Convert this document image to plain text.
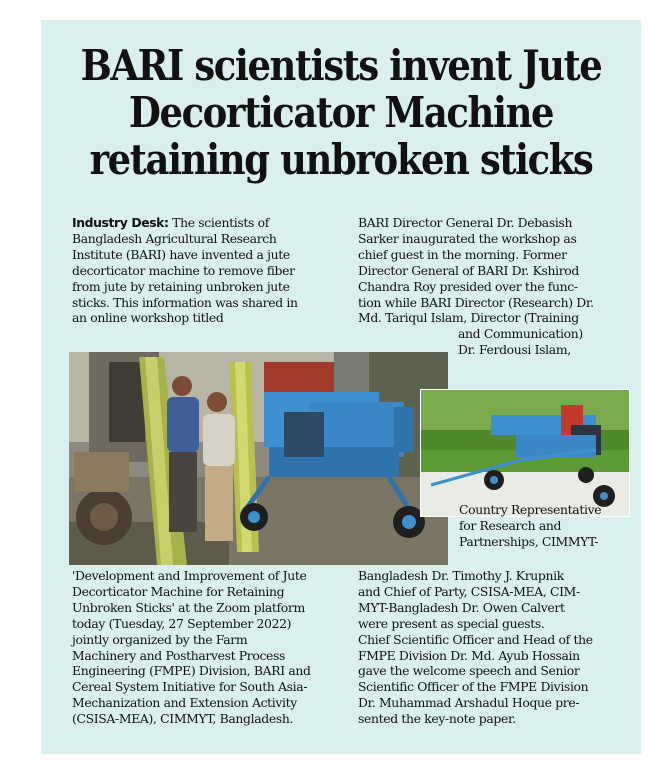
BARI scientists invent Jute
Decorticator Machine
retaining unbroken sticks
Industry Desk: The scientists of
Bangladesh Agricultural Research
Institute (BARI) have invented a jute
decorticator machine to remove fiber
from jute by retaining unbroken jute
sticks. This information was shared in
an online workshop titled
BARI Director General Dr. Debasish
Sarker inaugurated the workshop as
chief guest in the morning. Former
Director General of BARI Dr. Kshirod
Chandra Roy presided over the func-
tion while BARI Director (Research) Dr.
Md. Tariqul Islam, Director (Training
and Communication)
Dr. Ferdousi Islam,
Country Representative
for Research and
Partnerships, CIMMYT-
'Development and Improvement of Jute
Decorticator Machine for Retaining
Unbroken Sticks' at the Zoom platform
today (Tuesday, 27 September 2022)
jointly organized by the Farm
Machinery and Postharvest Process
Engineering (FMPE) Division, BARI and
Cereal System Initiative for South Asia-
Mechanization and Extension Activity
(CSISA-MEA), CIMMYT, Bangladesh.
Bangladesh Dr. Timothy J. Krupnik
and Chief of Party, CSISA-MEA, CIM-
MYT-Bangladesh Dr. Owen Calvert
were present as special guests.
Chief Scientific Officer and Head of the
FMPE Division Dr. Md. Ayub Hossain
gave the welcome speech and Senior
Scientific Officer of the FMPE Division
Dr. Muhammad Arshadul Hoque pre-
sented the key-note paper.
